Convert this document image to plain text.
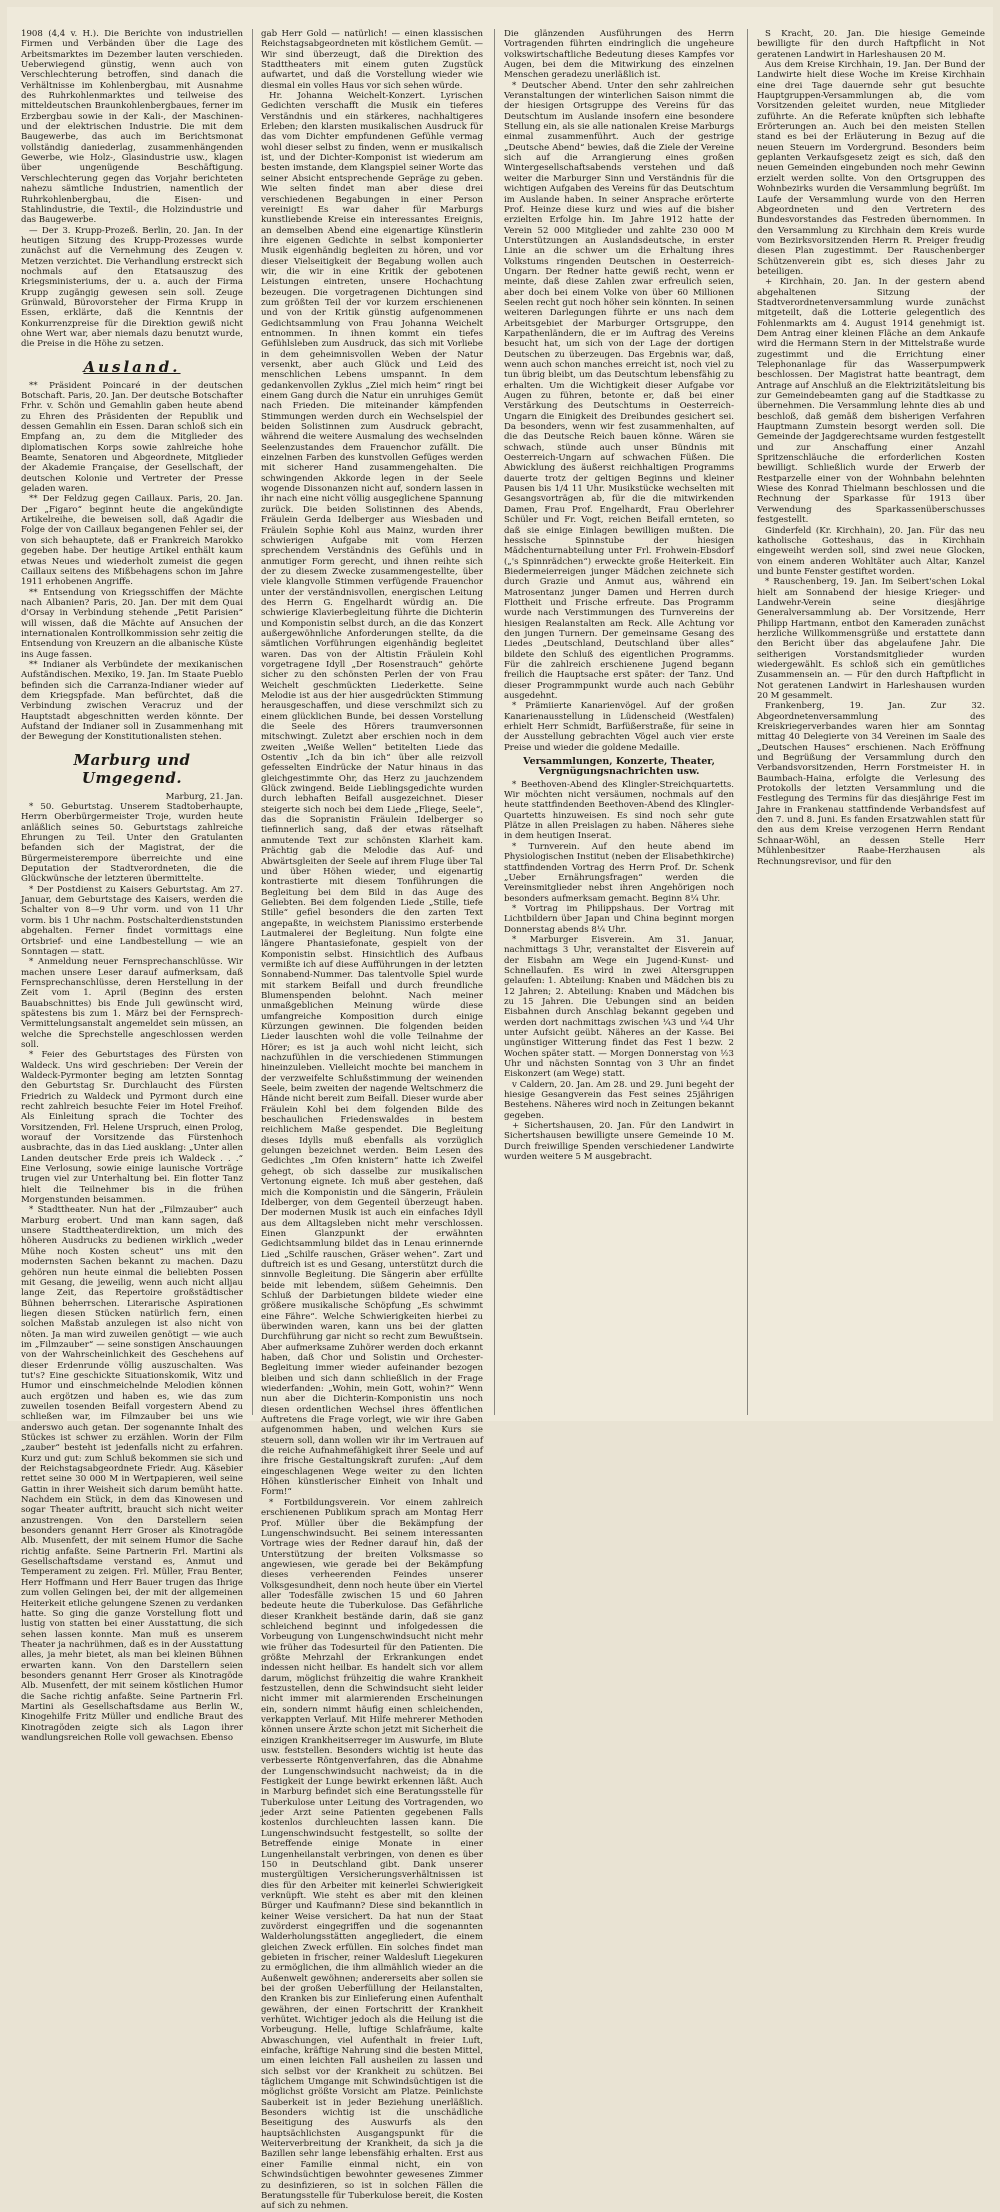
1908 (4,4 v. H.). Die Berichte von industriellen Firmen und Verbänden über die Lage des Arbeitsmarktes im Dezember lauten verschieden. Ueberwiegend günstig, wenn auch von Verschlechterung betroffen, sind danach die Verhältnisse im Kohlenbergbau, mit Ausnahme des Ruhrkohlenmarktes und teilweise des mitteldeutschen Braunkohlenbergbaues, ferner im Erzbergbau sowie in der Kali-, der Maschinen- und der elektrischen Industrie. Die mit dem Baugewerbe, das auch im Berichtsmonat vollständig daniederlag, zusammenhängenden Gewerbe, wie Holz-, Glasindustrie usw., klagen über ungenügende Beschäftigung. Verschlechterung gegen das Vorjahr berichteten nahezu sämtliche Industrien, namentlich der Ruhrkohlenbergbau, die Eisen- und Stahlindustrie, die Textil-, die Holzindustrie und das Baugewerbe.

— Der 3. Krupp-Prozeß. Berlin, 20. Jan. In der heutigen Sitzung des Krupp-Prozesses wurde zunächst auf die Vernehmung des Zeugen v. Metzen verzichtet. Die Verhandlung erstreckt sich nochmals auf den Etatsauszug des Kriegsministeriums, der u. a. auch der Firma Krupp zugängig gewesen sein soll. Zeuge Grünwald, Bürovorsteher der Firma Krupp in Essen, erklärte, daß die Kenntnis der Konkurrenzpreise für die Direktion gewiß nicht ohne Wert war, aber niemals dazu benutzt wurde, die Preise in die Höhe zu setzen.

Ausland.

** Präsident Poincaré in der deutschen Botschaft. Paris, 20. Jan. Der deutsche Botschafter Frhr. v. Schön und Gemahlin gaben heute abend zu Ehren des Präsidenten der Republik und dessen Gemahlin ein Essen. Daran schloß sich ein Empfang an, zu dem die Mitglieder des diplomatischen Korps sowie zahlreiche hohe Beamte, Senatoren und Abgeordnete, Mitglieder der Akademie Française, der Gesellschaft, der deutschen Kolonie und Vertreter der Presse geladen waren.

** Der Feldzug gegen Caillaux. Paris, 20. Jan. Der „Figaro“ beginnt heute die angekündigte Artikelreihe, die beweisen soll, daß Agadir die Folge der von Caillaux begangenen Fehler sei, der von sich behauptete, daß er Frankreich Marokko gegeben habe. Der heutige Artikel enthält kaum etwas Neues und wiederholt zumeist die gegen Caillaux seitens des Mißbehagens schon im Jahre 1911 erhobenen Angriffe.

** Entsendung von Kriegsschiffen der Mächte nach Albanien? Paris, 20. Jan. Der mit dem Quai d'Orsay in Verbindung stehende „Petit Parisien“ will wissen, daß die Mächte auf Ansuchen der internationalen Kontrollkommission sehr zeitig die Entsendung von Kreuzern an die albanische Küste ins Auge fassen.

** Indianer als Verbündete der mexikanischen Aufständischen. Mexiko, 19. Jan. Im Staate Pueblo befinden sich die Carranza-Indianer wieder auf dem Kriegspfade. Man befürchtet, daß die Verbindung zwischen Veracruz und der Hauptstadt abgeschnitten werden könnte. Der Aufstand der Indianer soll in Zusammenhang mit der Bewegung der Konstitutionalisten stehen.

Marburg und Umgegend.

Marburg, 21. Jan.

* 50. Geburtstag. Unserem Stadtoberhaupte, Herrn Oberbürgermeister Troje, wurden heute anläßlich seines 50. Geburtstags zahlreiche Ehrungen zu Teil. Unter den Gratulanten befanden sich der Magistrat, der die Bürgermeisterempore überreichte und eine Deputation der Stadtverordneten, die die Glückwünsche der letzteren übermittelte.

* Der Postdienst zu Kaisers Geburtstag. Am 27. Januar, dem Geburtstage des Kaisers, werden die Schalter von 8—9 Uhr vorm. und von 11 Uhr vorm. bis 1 Uhr nachm. Postschalterdienststunden abgehalten. Ferner findet vormittags eine Ortsbrief- und eine Landbestellung — wie an Sonntagen — statt.

* Anmeldung neuer Fernsprechanschlüsse. Wir machen unsere Leser darauf aufmerksam, daß Fernsprechanschlüsse, deren Herstellung in der Zeit vom 1. April (Beginn des ersten Bauabschnittes) bis Ende Juli gewünscht wird, spätestens bis zum 1. März bei der Fernsprech-Vermittelungsanstalt angemeldet sein müssen, an welche die Sprechstelle angeschlossen werden soll.

* Feier des Geburtstages des Fürsten von Waldeck. Uns wird geschrieben: Der Verein der Waldeck-Pyrmonter beging am letzten Sonntag den Geburtstag Sr. Durchlaucht des Fürsten Friedrich zu Waldeck und Pyrmont durch eine recht zahlreich besuchte Feier im Hotel Freihof. Als Einleitung sprach die Tochter des Vorsitzenden, Frl. Helene Urspruch, einen Prolog, worauf der Vorsitzende das Fürstenhoch ausbrachte, das in das Lied ausklang: „Unter allen Landen deutscher Erde preis ich Waldeck . . .“ Eine Verlosung, sowie einige launische Vorträge trugen viel zur Unterhaltung bei. Ein flotter Tanz hielt die Teilnehmer bis in die frühen Morgenstunden beisammen.

* Stadttheater. Nun hat der „Filmzauber“ auch Marburg erobert. Und man kann sagen, daß unsere Stadttheaterdirektion, um mich des höheren Ausdrucks zu bedienen wirklich „weder Mühe noch Kosten scheut“ uns mit den modernsten Sachen bekannt zu machen. Dazu gehören nun heute einmal die beliebten Possen mit Gesang, die jeweilig, wenn auch nicht alljau lange Zeit, das Repertoire großstädtischer Bühnen beherrschen. Literarische Aspirationen liegen diesen Stücken natürlich fern, einen solchen Maßstab anzulegen ist also nicht von nöten. Ja man wird zuweilen genötigt — wie auch im „Filmzauber“ — seine sonstigen Anschauungen von der Wahrscheinlichkeit des Geschehens auf dieser Erdenrunde völlig auszuschalten. Was tut's? Eine geschickte Situationskomik, Witz und Humor und einschmeichelnde Melodien können auch ergötzen und haben es, wie das zum zuweilen tosenden Beifall vorgestern Abend zu schließen war, im Filmzauber bei uns wie anderswo auch getan. Der sogenannte Inhalt des Stückes ist schwer zu erzählen. Worin der Film „zauber“ besteht ist jedenfalls nicht zu erfahren. Kurz und gut: zum Schluß bekommen sie sich und der Reichstagsabgeordnete Friedr. Aug. Käsebier rettet seine 30 000 M in Wertpapieren, weil seine Gattin in ihrer Weisheit sich darum bemüht hatte. Nachdem ein Stück, in dem das Kinowesen und sogar Theater auftritt, braucht sich nicht weiter anzustrengen. Von den Darstellern seien besonders genannt Herr Groser als Kinotragöde Alb. Musenfett, der mit seinem Humor die Sache richtig anfaßte. Seine Partnerin Frl. Martini als Gesellschaftsdame verstand es, Anmut und Temperament zu zeigen. Frl. Müller, Frau Benter, Herr Hoffmann und Herr Bauer trugen das Ihrige zum vollen Gelingen bei, der mit der allgemeinen Heiterkeit etliche gelungene Szenen zu verdanken hatte. So ging die ganze Vorstellung flott und lustig von statten bei einer Ausstattung, die sich sehen lassen konnte. Man muß es unserem Theater ja nachrühmen, daß es in der Ausstattung alles, ja mehr bietet, als man bei kleinen Bühnen erwarten kann. Von den Darstellern seien besonders genannt Herr Groser als Kinotragöde Alb. Musenfett, der mit seinem köstlichen Humor die Sache richtig anfaßte. Seine Partnerin Frl. Martini als Gesellschaftsdame aus Berlin W., Kinogehilfe Fritz Müller und endliche Braut des Kinotragöden zeigte sich als Lagon ihrer wandlungsreichen Rolle voll gewachsen. Ebenso

gab Herr Gold — natürlich! — einen klassischen Reichstagsabgeordneten mit köstlichem Gemüt. — Wir sind überzeugt, daß die Direktion des Stadttheaters mit einem guten Zugstück aufwartet, und daß die Vorstellung wieder wie diesmal ein volles Haus vor sich sehen würde.

Hr. Johanna Weichelt-Konzert. Lyrischen Gedichten verschafft die Musik ein tieferes Verständnis und ein stärkeres, nachhaltigeres Erleben; den klarsten musikalischen Ausdruck für das vom Dichter empfundenen Gefühle vermag wohl dieser selbst zu finden, wenn er musikalisch ist, und der Dichter-Komponist ist wiederum am besten imstande, dem Klangspiel seiner Worte das seiner Absicht entsprechende Gepräge zu geben. Wie selten findet man aber diese drei verschiedenen Begabungen in einer Person vereinigt! Es war daher für Marburgs kunstliebende Kreise ein interessantes Ereignis, an demselben Abend eine eigenartige Künstlerin ihre eigenen Gedichte in selbst komponierter Musik eigenhändig begleiten zu hören, und vor dieser Vielseitigkeit der Begabung wollen auch wir, die wir in eine Kritik der gebotenen Leistungen eintreten, unsere Hochachtung bezeugen. Die vorgetragenen Dichtungen sind zum größten Teil der vor kurzem erschienenen und von der Kritik günstig aufgenommenen Gedichtsammlung von Frau Johanna Weichelt entnommen. In ihnen kommt ein tiefes Gefühlsleben zum Ausdruck, das sich mit Vorliebe in dem geheimnisvollen Weben der Natur versenkt, aber auch Glück und Leid des menschlichen Lebens umspannt. In dem gedankenvollen Zyklus „Ziel mich heim“ ringt bei einem Gang durch die Natur ein unruhiges Gemüt nach Frieden. Die miteinander kämpfenden Stimmungen werden durch ein Wechselspiel der beiden Solistinnen zum Ausdruck gebracht, während die weitere Ausmalung des wechselnden Seelenzustandes dem Frauenchor zufällt. Die einzelnen Farben des kunstvollen Gefüges werden mit sicherer Hand zusammengehalten. Die schwingenden Akkorde legen in der Seele wogende Dissonanzen nicht auf, sondern lassen in ihr nach eine nicht völlig ausgeglichene Spannung zurück. Die beiden Solistinnen des Abends, Fräulein Gerda Idelberger aus Wiesbaden und Fräulein Sophie Kohl aus Mainz, wurden ihrer schwierigen Aufgabe mit vom Herzen sprechendem Verständnis des Gefühls und in anmutiger Form gerecht, und ihnen reihte sich der zu diesem Zwecke zusammengestellte, über viele klangvolle Stimmen verfügende Frauenchor unter der verständnisvollen, energischen Leitung des Herrn G. Engelhardt würdig an. Die schwierige Klavierbegleitung führte die Dichterin und Komponistin selbst durch, an die das Konzert außergewöhnliche Anforderungen stellte, da die sämtlichen Vorführungen eigenhändig begleitet waren. Das von der Altistin Fräulein Kohl vorgetragene Idyll „Der Rosenstrauch“ gehörte sicher zu den schönsten Perlen der von Frau Weichelt geschmückten Liederkette. Seine Melodie ist aus der hier ausgedrückten Stimmung herausgeschaffen, und diese verschmilzt sich zu einem glücklichen Bunde, bei dessen Vorstellung die Seele des Hörers traumversonnen mitschwingt. Zuletzt aber erschien noch in dem zweiten „Weiße Wellen“ betitelten Liede das Ostentiv „Ich da bin ich“ über alle reizvoll gefesselten Eindrücke der Natur hinaus in das gleichgestimmte Ohr, das Herz zu jauchzendem Glück zwingend. Beide Lieblingsgedichte wurden durch lebhaften Beifall ausgezeichnet. Dieser steigerte sich noch bei dem Liede „Fliege, Seele“, das die Sopranistin Fräulein Idelberger so tiefinnerlich sang, daß der etwas rätselhaft anmutende Text zur schönsten Klarheit kam. Prächtig gab die Melodie das Auf- und Abwärtsgleiten der Seele auf ihrem Fluge über Tal und über Höhen wieder, und eigenartig kontrastierte mit diesem Tonführungen die Begleitung bei dem Bild in das Auge des Geliebten. Bei dem folgenden Liede „Stille, tiefe Stille“ gefiel besonders die den zarten Text angepaßte, in weichstem Pianissimo ersterbende Lautmalerei der Begleitung. Nun folgte eine längere Phantasiefonate, gespielt von der Komponistin selbst. Hinsichtlich des Aufbaus vermißte ich auf diese Aufführungen in der letzten Sonnabend-Nummer. Das talentvolle Spiel wurde mit starkem Beifall und durch freundliche Blumenspenden belohnt. Nach meiner unmaßgeblichen Meinung würde diese umfangreiche Komposition durch einige Kürzungen gewinnen. Die folgenden beiden Lieder lauschten wohl die volle Teilnahme der Hörer; es ist ja auch wohl nicht leicht, sich nachzufühlen in die verschiedenen Stimmungen hineinzuleben. Vielleicht mochte bei manchem in der verzweifelte Schlußstimmung der weinenden Seele, beim zweiten der nagende Weltschmerz die Hände nicht bereit zum Beifall. Dieser wurde aber Fräulein Kohl bei dem folgenden Bilde des beschaulichen Friedenswaldes in bestem reichlichem Maße gespendet. Die Begleitung dieses Idylls muß ebenfalls als vorzüglich gelungen bezeichnet werden. Beim Lesen des Gedichtes „Im Ofen knistern“ hatte ich Zweifel gehegt, ob sich dasselbe zur musikalischen Vertonung eignete. Ich muß aber gestehen, daß mich die Komponistin und die Sängerin, Fräulein Idelberger, von dem Gegenteil überzeugt haben. Der modernen Musik ist auch ein einfaches Idyll aus dem Alltagsleben nicht mehr verschlossen. Einen Glanzpunkt der erwähnten Gedichtsammlung bildet das in Lenau erinnernde Lied „Schilfe rauschen, Gräser wehen“. Zart und duftreich ist es und Gesang, unterstützt durch die sinnvolle Begleitung. Die Sängerin aber erfüllte beide mit lebendem, süßem Geheimnis. Den Schluß der Darbietungen bildete wieder eine größere musikalische Schöpfung „Es schwimmt eine Fähre“. Welche Schwierigkeiten hierbei zu überwinden waren, kann uns bei der glatten Durchführung gar nicht so recht zum Bewußtsein. Aber aufmerksame Zuhörer werden doch erkannt haben, daß Chor und Solistin und Orchester-Begleitung immer wieder aufeinander bezogen bleiben und sich dann schließlich in der Frage wiederfanden: „Wohin, mein Gott, wohin?“ Wenn nun aber die Dichterin-Komponistin uns noch diesen ordentlichen Wechsel ihres öffentlichen Auftretens die Frage vorlegt, wie wir ihre Gaben aufgenommen haben, und welchen Kurs sie steuern soll, dann wollen wir ihr im Vertrauen auf die reiche Aufnahmefähigkeit ihrer Seele und auf ihre frische Gestaltungskraft zurufen: „Auf dem eingeschlagenen Wege weiter zu den lichten Höhen künstlerischer Einheit von Inhalt und Form!“

* Fortbildungsverein. Vor einem zahlreich erschienenen Publikum sprach am Montag Herr Prof. Müller über die Bekämpfung der Lungenschwindsucht. Bei seinem interessanten Vortrage wies der Redner darauf hin, daß der Unterstützung der breiten Volksmasse so angewiesen, wie gerade bei der Bekämpfung dieses verheerenden Feindes unserer Volksgesundheit, denn noch heute über ein Viertel aller Todesfälle zwischen 15 und 60 Jahren bedeute heute die Tuberkulose. Das Gefährliche dieser Krankheit bestände darin, daß sie ganz schleichend beginnt und infolgedessen die Vorbeugung von Lungenschwindsucht nicht mehr wie früher das Todesurteil für den Patienten. Die größte Mehrzahl der Erkrankungen endet indessen nicht heilbar. Es handelt sich vor allem darum, möglichst frühzeitig die wahre Krankheit festzustellen, denn die Schwindsucht sieht leider nicht immer mit alarmierenden Erscheinungen ein, sondern nimmt häufig einen schleichenden, verkappten Verlauf. Mit Hilfe mehrerer Methoden können unsere Ärzte schon jetzt mit Sicherheit die einzigen Krankheitserreger im Auswurfe, im Blute usw. feststellen. Besonders wichtig ist heute das verbesserte Röntgenverfahren, das die Abnahme der Lungenschwindsucht nachweist; da in die Festigkeit der Lunge bewirkt erkennen läßt. Auch in Marburg befindet sich eine Beratungsstelle für Tuberkulose unter Leitung des Vortragenden, wo jeder Arzt seine Patienten gegebenen Falls kostenlos durchleuchten lassen kann. Die Lungenschwindsucht festgestellt, so sollte der Betreffende einige Monate in einer Lungenheilanstalt verbringen, von denen es über 150 in Deutschland gibt. Dank unserer mustergültigen Versicherungsverhältnissen ist dies für den Arbeiter mit keinerlei Schwierigkeit verknüpft. Wie steht es aber mit den kleinen Bürger und Kaufmann? Diese sind bekanntlich in keiner Weise versichert. Da hat nun der Staat zuvörderst eingegriffen und die sogenannten Walderholungsstätten angegliedert, die einem gleichen Zweck erfüllen. Ein solches findet man gebieten in frischer, reiner Waldesluft Liegekuren zu ermöglichen, die ihm allmählich wieder an die Außenwelt gewöhnen; andererseits aber sollen sie bei der großen Ueberfüllung der Heilanstalten, den Kranken bis zur Einlieferung einen Aufenthalt gewähren, der einen Fortschritt der Krankheit verhütet. Wichtiger jedoch als die Heilung ist die Vorbeugung. Helle, luftige Schlafräume, kalte Abwaschungen, viel Aufenthalt in freier Luft, einfache, kräftige Nahrung sind die besten Mittel, um einen leichten Fall ausheilen zu lassen und sich selbst vor der Krankheit zu schützen. Bei täglichem Umgange mit Schwindsüchtigen ist die möglichst größte Vorsicht am Platze. Peinlichste Sauberkeit ist in jeder Beziehung unerläßlich. Besonders wichtig ist die unschädliche Beseitigung des Auswurfs als den hauptsächlichsten Ausgangspunkt für die Weiterverbreitung der Krankheit, da sich ja die Bazillen sehr lange lebensfähig erhalten. Erst aus einer Familie einmal nicht, ein von Schwindsüchtigen bewohnter gewesenes Zimmer zu desinfizieren, so ist in solchen Fällen die Beratungsstelle für Tuberkulose bereit, die Kosten auf sich zu nehmen.

Die glänzenden Ausführungen des Herrn Vortragenden führten eindringlich die ungeheure volkswirtschaftliche Bedeutung dieses Kampfes vor Augen, bei dem die Mitwirkung des einzelnen Menschen geradezu unerläßlich ist.

* Deutscher Abend. Unter den sehr zahlreichen Veranstaltungen der winterlichen Saison nimmt die der hiesigen Ortsgruppe des Vereins für das Deutschtum im Auslande insofern eine besondere Stellung ein, als sie alle nationalen Kreise Marburgs einmal zusammenführt. Auch der gestrige „Deutsche Abend“ bewies, daß die Ziele der Vereine sich auf die Arrangierung eines großen Wintergesellschaftsabends verstehen und daß weiter die Marburger Sinn und Verständnis für die wichtigen Aufgaben des Vereins für das Deutschtum im Auslande haben. In seiner Ansprache erörterte Prof. Heinze diese kurz und wies auf die bisher erzielten Erfolge hin. Im Jahre 1912 hatte der Verein 52 000 Mitglieder und zahlte 230 000 M Unterstützungen an Auslandsdeutsche, in erster Linie an die schwer um die Erhaltung ihres Volkstums ringenden Deutschen in Oesterreich-Ungarn. Der Redner hatte gewiß recht, wenn er meinte, daß diese Zahlen zwar erfreulich seien, aber doch bei einem Volke von über 60 Millionen Seelen recht gut noch höher sein könnten. In seinen weiteren Darlegungen führte er uns nach dem Arbeitsgebiet der Marburger Ortsgruppe, den Karpathenländern, die er im Auftrag des Vereins besucht hat, um sich von der Lage der dortigen Deutschen zu überzeugen. Das Ergebnis war, daß, wenn auch schon manches erreicht ist, noch viel zu tun übrig bleibt, um das Deutschtum lebensfähig zu erhalten. Um die Wichtigkeit dieser Aufgabe vor Augen zu führen, betonte er, daß bei einer Verstärkung des Deutschtums in Oesterreich-Ungarn die Einigkeit des Dreibundes gesichert sei. Da besonders, wenn wir fest zusammenhalten, auf die das Deutsche Reich bauen könne. Wären sie schwach, stünde auch unser Bündnis mit Oesterreich-Ungarn auf schwachen Füßen. Die Abwicklung des äußerst reichhaltigen Programms dauerte trotz der geltigen Beginns und kleiner Pausen bis 1/4 11 Uhr. Musikstücke wechselten mit Gesangsvorträgen ab, für die die mitwirkenden Damen, Frau Prof. Engelhardt, Frau Oberlehrer Schüler und Fr. Vogt, reichen Beifall ernteten, so daß sie einige Einlagen bewilligen mußten. Die hessische Spinnstube der hiesigen Mädchenturnabteilung unter Frl. Frohwein-Ebsdorf („'s Spinnrädchen“) erweckte große Heiterkeit. Ein Biedermeierreigen junger Mädchen zeichnete sich durch Grazie und Anmut aus, während ein Matrosentanz junger Damen und Herren durch Flottheit und Frische erfreute. Das Programm wurde nach Verstimmungen des Turnvereins der hiesigen Realanstalten am Reck. Alle Achtung vor den jungen Turnern. Der gemeinsame Gesang des Liedes „Deutschland, Deutschland über alles“ bildete den Schluß des eigentlichen Programms. Für die zahlreich erschienene Jugend begann freilich die Hauptsache erst später: der Tanz. Und dieser Programmpunkt wurde auch nach Gebühr ausgedehnt.

* Prämiierte Kanarienvögel. Auf der großen Kanarienausstellung in Lüdenscheid (Westfalen) erhielt Herr Schmidt, Barfüßerstraße, für seine in der Ausstellung gebrachten Vögel auch vier erste Preise und wieder die goldene Medaille.

Versammlungen, Konzerte, Theater, Vergnügungsnachrichten usw.

* Beethoven-Abend des Klingler-Streichquartetts. Wir möchten nicht versäumen, nochmals auf den heute stattfindenden Beethoven-Abend des Klingler-Quartetts hinzuweisen. Es sind noch sehr gute Plätze in allen Preislagen zu haben. Näheres siehe in dem heutigen Inserat.

* Turnverein. Auf den heute abend im Physiologischen Institut (neben der Elisabethkirche) stattfindenden Vortrag des Herrn Prof. Dr. Schenk „Ueber Ernährungsfragen“ werden die Vereinsmitglieder nebst ihren Angehörigen noch besonders aufmerksam gemacht. Beginn 8¼ Uhr.

* Vortrag im Philippshaus. Der Vortrag mit Lichtbildern über Japan und China beginnt morgen Donnerstag abends 8¼ Uhr.

* Marburger Eisverein. Am 31. Januar, nachmittags 3 Uhr, veranstaltet der Eisverein auf der Eisbahn am Wege ein Jugend-Kunst- und Schnellaufen. Es wird in zwei Altersgruppen gelaufen: 1. Abteilung: Knaben und Mädchen bis zu 12 Jahren; 2. Abteilung: Knaben und Mädchen bis zu 15 Jahren. Die Uebungen sind an beiden Eisbahnen durch Anschlag bekannt gegeben und werden dort nachmittags zwischen ¼3 und ¼4 Uhr unter Aufsicht geübt. Näheres an der Kasse. Bei ungünstiger Witterung findet das Fest 1 bezw. 2 Wochen später statt. — Morgen Donnerstag von ½3 Uhr und nächsten Sonntag von 3 Uhr an findet Eiskonzert (am Wege) statt.

v Caldern, 20. Jan. Am 28. und 29. Juni begeht der hiesige Gesangverein das Fest seines 25jährigen Bestehens. Näheres wird noch in Zeitungen bekannt gegeben.

+ Sichertshausen, 20. Jan. Für den Landwirt in Sichertshausen bewilligte unsere Gemeinde 10 M. Durch freiwillige Spenden verschiedener Landwirte wurden weitere 5 M ausgebracht.

S Kracht, 20. Jan. Die hiesige Gemeinde bewilligte für den durch Haftpflicht in Not geratenen Landwirt in Harleshausen 20 M.

Aus dem Kreise Kirchhain, 19. Jan. Der Bund der Landwirte hielt diese Woche im Kreise Kirchhain eine drei Tage dauernde sehr gut besuchte Hauptgruppen-Versammlungen ab, die vom Vorsitzenden geleitet wurden, neue Mitglieder zuführte. An die Referate knüpften sich lebhafte Erörterungen an. Auch bei den meisten Stellen stand es bei der Erläuterung in Bezug auf die neuen Steuern im Vordergrund. Besonders beim geplanten Verkaufsgesetz zeigt es sich, daß den neuen Gemeinden eingebunden noch mehr Gewinn erzielt werden sollte. Von den Ortsgruppen des Wohnbezirks wurden die Versammlung begrüßt. Im Laufe der Versammlung wurde von den Herren Abgeordneten und den Vertretern des Bundesvorstandes das Festreden übernommen. In den Versammlung zu Kirchhain dem Kreis wurde vom Bezirksvorsitzenden Herrn R. Preiger freudig diesen Plan zugestimmt. Der Rauschenberger Schützenverein gibt es, sich dieses Jahr zu beteiligen.

+ Kirchhain, 20. Jan. In der gestern abend abgehaltenen Sitzung der Stadtverordnetenversammlung wurde zunächst mitgeteilt, daß die Lotterie gelegentlich des Fohlenmarkts am 4. August 1914 genehmigt ist. Dem Antrag einer kleinen Fläche an dem Ankaufe wird die Hermann Stern in der Mittelstraße wurde zugestimmt und die Errichtung einer Telephonanlage für das Wasserpumpwerk beschlossen. Der Magistrat hatte beantragt, dem Antrage auf Anschluß an die Elektrizitätsleitung bis zur Gemeindebeamten gang auf die Stadtkasse zu übernehmen. Die Versammlung lehnte dies ab und beschloß, daß gemäß dem bisherigen Verfahren Hauptmann Zumstein besorgt werden soll. Die Gemeinde der Jagdgerechtsame wurden festgestellt und zur Anschaffung einer Anzahl Spritzenschläuche die erforderlichen Kosten bewilligt. Schließlich wurde der Erwerb der Restparzelle einer von der Wohnbahn belehnten Wiese des Konrad Thielmann beschlossen und die Rechnung der Sparkasse für 1913 über Verwendung des Sparkassenüberschusses festgestellt.

Ginderfeld (Kr. Kirchhain), 20. Jan. Für das neu katholische Gotteshaus, das in Kirchhain eingeweiht werden soll, sind zwei neue Glocken, von einem anderen Wohltäter auch Altar, Kanzel und bunte Fenster gestiftet worden.

* Rauschenberg, 19. Jan. Im Seibert'schen Lokal hielt am Sonnabend der hiesige Krieger- und Landwehr-Verein seine diesjährige Generalversammlung ab. Der Vorsitzende, Herr Philipp Hartmann, entbot den Kameraden zunächst herzliche Willkommensgrüße und erstattete dann den Bericht über das abgelaufene Jahr. Die seitherigen Vorstandsmitglieder wurden wiedergewählt. Es schloß sich ein gemütliches Zusammensein an. — Für den durch Haftpflicht in Not geratenen Landwirt in Harleshausen wurden 20 M gesammelt.

Frankenberg, 19. Jan. Zur 32. Abgeordnetenversammlung des Kreiskriegerverbandes waren hier am Sonntag mittag 40 Delegierte von 34 Vereinen im Saale des „Deutschen Hauses“ erschienen. Nach Eröffnung und Begrüßung der Versammlung durch den Verbandsvorsitzenden, Herrn Forstmeister H. in Baumbach-Haina, erfolgte die Verlesung des Protokolls der letzten Versammlung und die Festlegung des Termins für das diesjährige Fest im Jahre in Frankenau stattfindende Verbandsfest auf den 7. und 8. Juni. Es fanden Ersatzwahlen statt für den aus dem Kreise verzogenen Herrn Rendant Schnaar-Wöhl, an dessen Stelle Herr Mühlenbesitzer Raabe-Herzhausen als Rechnungsrevisor, und für den
